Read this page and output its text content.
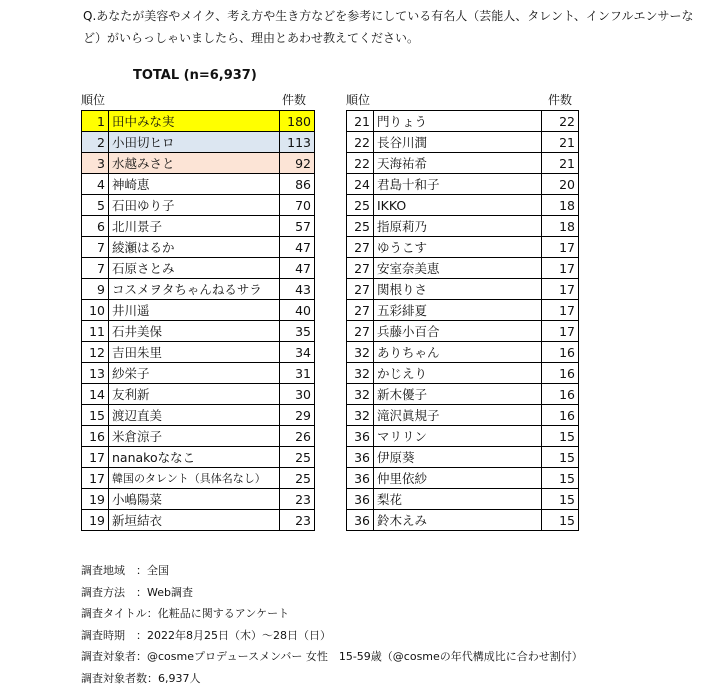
Q.あなたが美容やメイク、考え方や生き方などを参考にしている有名人（芸能人、タレント、インフルエンサーなど）がいらっしゃいましたら、理由とあわせ教えてください。
TOTAL (n=6,937)
順位	件数	順位	件数
1	田中みな実	180
2	小田切ヒロ	113
3	水越みさと	92
4	神崎恵	86
5	石田ゆり子	70
6	北川景子	57
7	綾瀬はるか	47
7	石原さとみ	47
9	コスメヲタちゃんねるサラ	43
10	井川遥	40
11	石井美保	35
12	吉田朱里	34
13	紗栄子	31
14	友利新	30
15	渡辺直美	29
16	米倉涼子	26
17	nanakoななこ	25
17	韓国のタレント（具体名なし）	25
19	小嶋陽菜	23
19	新垣結衣	23
21	門りょう	22
22	長谷川潤	21
22	天海祐希	21
24	君島十和子	20
25	IKKO	18
25	指原莉乃	18
27	ゆうこす	17
27	安室奈美恵	17
27	関根りさ	17
27	五彩緋夏	17
27	兵藤小百合	17
32	ありちゃん	16
32	かじえり	16
32	新木優子	16
32	滝沢眞規子	16
36	マリリン	15
36	伊原葵	15
36	仲里依紗	15
36	梨花	15
36	鈴木えみ	15
調査地域　：全国
調査方法　：Web調査
調査タイトル：化粧品に関するアンケート
調査時期　：2022年8月25日（木）～28日（日）
調査対象者：@cosmeプロデュースメンバー 女性　15-59歳（@cosmeの年代構成比に合わせ割付）
調査対象者数：6,937人
